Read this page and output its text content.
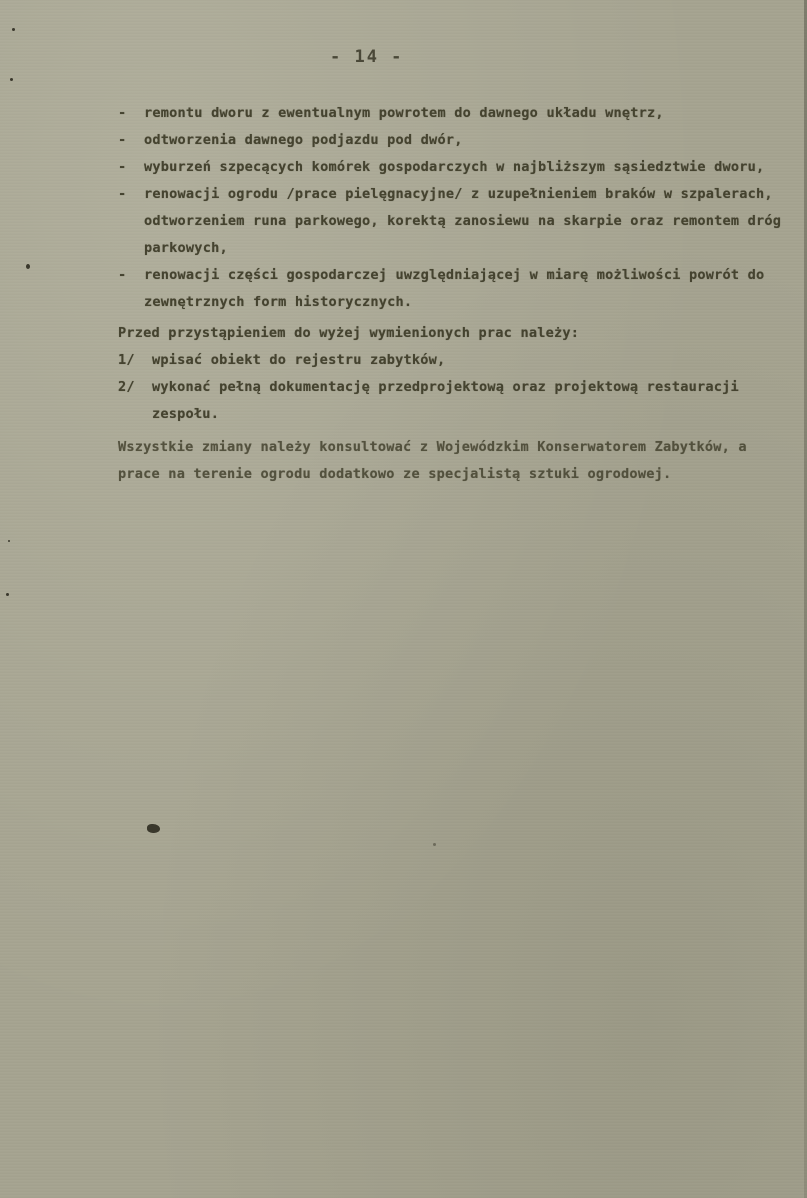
- 14 -
- remontu dworu z ewentualnym powrotem do dawnego układu wnętrz,
- odtworzenia dawnego podjazdu pod dwór,
- wyburzeń szpecących komórek gospodarczych w najbliższym sąsiedztwie dworu,
- renowacji ogrodu /prace pielęgnacyjne/ z uzupełnieniem braków w szpalerach, odtworzeniem runa parkowego, korektą zanosiewu na skarpie oraz remontem dróg parkowych,
- renowacji części gospodarczej uwzględniającej w miarę możliwości powrót do zewnętrznych form historycznych.
Przed przystąpieniem do wyżej wymienionych prac należy:
1/ wpisać obiekt do rejestru zabytków,
2/ wykonać pełną dokumentację przedprojektową oraz projektową restauracji zespołu.
Wszystkie zmiany należy konsultować z Wojewódzkim Konserwatorem Zabytków, a prace na terenie ogrodu dodatkowo ze specjalistą sztuki ogrodowej.
